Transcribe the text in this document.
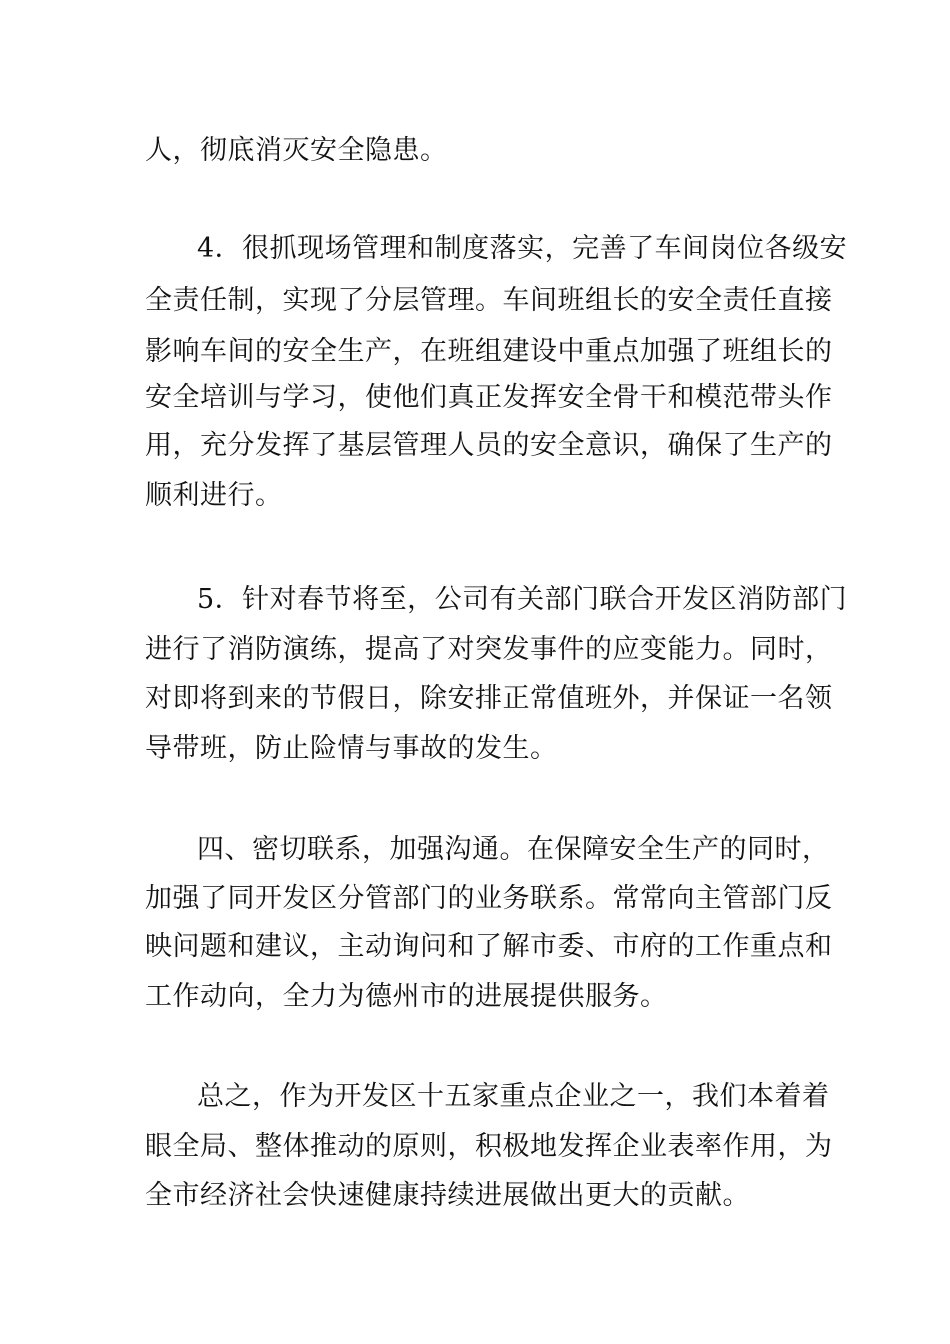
人，彻底消灭安全隐患。
4．很抓现场管理和制度落实，完善了车间岗位各级安
全责任制，实现了分层管理。车间班组长的安全责任直接
影响车间的安全生产，在班组建设中重点加强了班组长的
安全培训与学习，使他们真正发挥安全骨干和模范带头作
用，充分发挥了基层管理人员的安全意识，确保了生产的
顺利进行。
5．针对春节将至，公司有关部门联合开发区消防部门
进行了消防演练，提高了对突发事件的应变能力。同时，
对即将到来的节假日，除安排正常值班外，并保证一名领
导带班，防止险情与事故的发生。
四、密切联系，加强沟通。在保障安全生产的同时，
加强了同开发区分管部门的业务联系。常常向主管部门反
映问题和建议，主动询问和了解市委、市府的工作重点和
工作动向，全力为德州市的进展提供服务。
总之，作为开发区十五家重点企业之一，我们本着着
眼全局、整体推动的原则，积极地发挥企业表率作用，为
全市经济社会快速健康持续进展做出更大的贡献。
